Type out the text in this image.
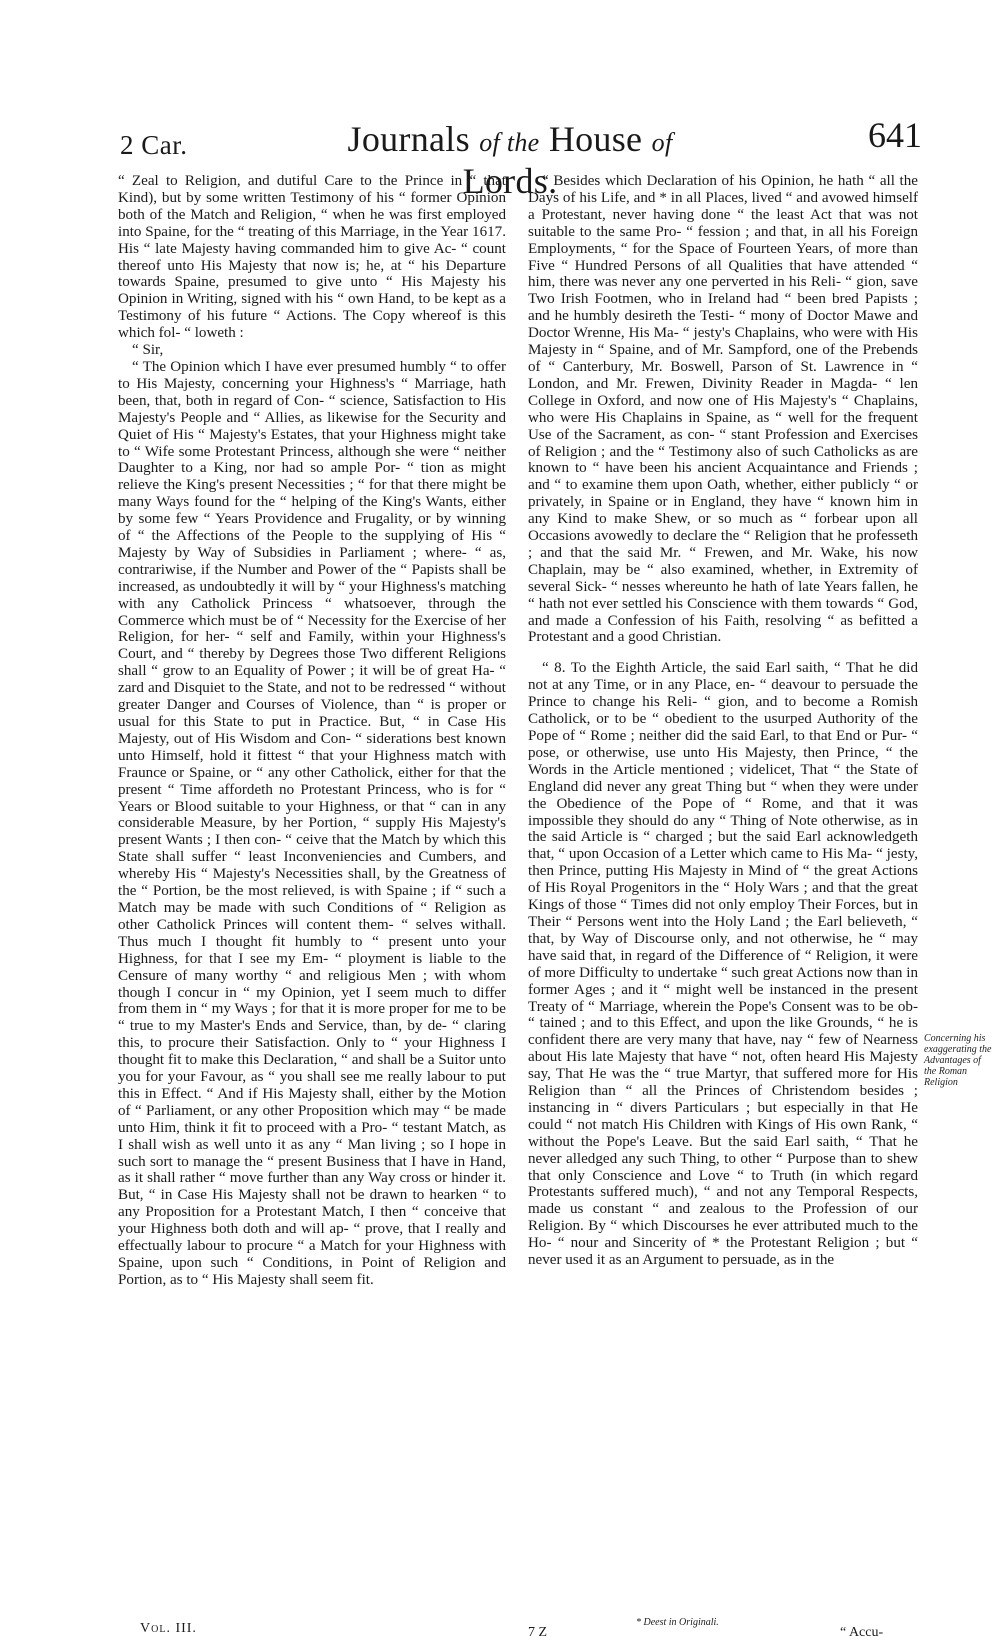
2 Car.	Journals of the House of Lords.
641

“ Zeal to Religion, and dutiful Care to the Prince in “ that Kind), but by some written Testimony of his “ former Opinion both of the Match and Religion, “ when he was first employed into Spaine, for the “ treating of this Marriage, in the Year 1617. His “ late Majesty having commanded him to give Ac- “ count thereof unto His Majesty that now is; he, at “ his Departure towards Spaine, presumed to give unto “ His Majesty his Opinion in Writing, signed with his “ own Hand, to be kept as a Testimony of his future “ Actions. The Copy whereof is this which fol- “ loweth :

“ Sir,

“ The Opinion which I have ever presumed humbly “ to offer to His Majesty, concerning your Highness's “ Marriage, hath been, that, both in regard of Con- “ science, Satisfaction to His Majesty's People and “ Allies, as likewise for the Security and Quiet of His “ Majesty's Estates, that your Highness might take to “ Wife some Protestant Princess, although she were “ neither Daughter to a King, nor had so ample Por- “ tion as might relieve the King's present Necessities ; “ for that there might be many Ways found for the “ helping of the King's Wants, either by some few “ Years Providence and Frugality, or by winning of “ the Affections of the People to the supplying of His “ Majesty by Way of Subsidies in Parliament ; where- “ as, contrariwise, if the Number and Power of the “ Papists shall be increased, as undoubtedly it will by “ your Highness's matching with any Catholick Princess “ whatsoever, through the Commerce which must be of “ Necessity for the Exercise of her Religion, for her- “ self and Family, within your Highness's Court, and “ thereby by Degrees those Two different Religions shall “ grow to an Equality of Power ; it will be of great Ha- “ zard and Disquiet to the State, and not to be redressed “ without greater Danger and Courses of Violence, than “ is proper or usual for this State to put in Practice. But, “ in Case His Majesty, out of His Wisdom and Con- “ siderations best known unto Himself, hold it fittest “ that your Highness match with Fraunce or Spaine, or “ any other Catholick, either for that the present “ Time affordeth no Protestant Princess, who is for “ Years or Blood suitable to your Highness, or that “ can in any considerable Measure, by her Portion, “ supply His Majesty's present Wants ; I then con- “ ceive that the Match by which this State shall suffer “ least Inconveniencies and Cumbers, and whereby His “ Majesty's Necessities shall, by the Greatness of the “ Portion, be the most relieved, is with Spaine ; if “ such a Match may be made with such Conditions of “ Religion as other Catholick Princes will content them- “ selves withall. Thus much I thought fit humbly to “ present unto your Highness, for that I see my Em- “ ployment is liable to the Censure of many worthy “ and religious Men ; with whom though I concur in “ my Opinion, yet I seem much to differ from them in “ my Ways ; for that it is more proper for me to be “ true to my Master's Ends and Service, than, by de- “ claring this, to procure their Satisfaction. Only to “ your Highness I thought fit to make this Declaration, “ and shall be a Suitor unto you for your Favour, as “ you shall see me really labour to put this in Effect. “ And if His Majesty shall, either by the Motion of “ Parliament, or any other Proposition which may “ be made unto Him, think it fit to proceed with a Pro- “ testant Match, as I shall wish as well unto it as any “ Man living ; so I hope in such sort to manage the “ present Business that I have in Hand, as it shall rather “ move further than any Way cross or hinder it. But, “ in Case His Majesty shall not be drawn to hearken “ to any Proposition for a Protestant Match, I then “ conceive that your Highness both doth and will ap- “ prove, that I really and effectually labour to procure “ a Match for your Highness with Spaine, upon such “ Conditions, in Point of Religion and Portion, as to “ His Majesty shall seem fit.

“ Besides which Declaration of his Opinion, he hath “ all the Days of his Life, and * in all Places, lived “ and avowed himself a Protestant, never having done “ the least Act that was not suitable to the same Pro- “ fession ; and that, in all his Foreign Employments, “ for the Space of Fourteen Years, of more than Five “ Hundred Persons of all Qualities that have attended “ him, there was never any one perverted in his Reli- “ gion, save Two Irish Footmen, who in Ireland had “ been bred Papists ; and he humbly desireth the Testi- “ mony of Doctor Mawe and Doctor Wrenne, His Ma- “ jesty's Chaplains, who were with His Majesty in “ Spaine, and of Mr. Sampford, one of the Prebends of “ Canterbury, Mr. Boswell, Parson of St. Lawrence in “ London, and Mr. Frewen, Divinity Reader in Magda- “ len College in Oxford, and now one of His Majesty's “ Chaplains, who were His Chaplains in Spaine, as “ well for the frequent Use of the Sacrament, as con- “ stant Profession and Exercises of Religion ; and the “ Testimony also of such Catholicks as are known to “ have been his ancient Acquaintance and Friends ; and “ to examine them upon Oath, whether, either publicly “ or privately, in Spaine or in England, they have “ known him in any Kind to make Shew, or so much as “ forbear upon all Occasions avowedly to declare the “ Religion that he professeth ; and that the said Mr. “ Frewen, and Mr. Wake, his now Chaplain, may be “ also examined, whether, in Extremity of several Sick- “ nesses whereunto he hath of late Years fallen, he “ hath not ever settled his Conscience with them towards “ God, and made a Confession of his Faith, resolving “ as befitted a Protestant and a good Christian.

“ 8. To the Eighth Article, the said Earl saith, “ That he did not at any Time, or in any Place, en- “ deavour to persuade the Prince to change his Reli- “ gion, and to become a Romish Catholick, or to be “ obedient to the usurped Authority of the Pope of “ Rome ; neither did the said Earl, to that End or Pur- “ pose, or otherwise, use unto His Majesty, then Prince, “ the Words in the Article mentioned ; videlicet, That “ the State of England did never any great Thing but “ when they were under the Obedience of the Pope of “ Rome, and that it was impossible they should do any “ Thing of Note otherwise, as in the said Article is “ charged ; but the said Earl acknowledgeth that, “ upon Occasion of a Letter which came to His Ma- “ jesty, then Prince, putting His Majesty in Mind of “ the great Actions of His Royal Progenitors in the “ Holy Wars ; and that the great Kings of those “ Times did not only employ Their Forces, but in Their “ Persons went into the Holy Land ; the Earl believeth, “ that, by Way of Discourse only, and not otherwise, he “ may have said that, in regard of the Difference of “ Religion, it were of more Difficulty to undertake “ such great Actions now than in former Ages ; and it “ might well be instanced in the present Treaty of “ Marriage, wherein the Pope's Consent was to be ob- “ tained ; and to this Effect, and upon the like Grounds, “ he is confident there are very many that have, nay “ few of Nearness about His late Majesty that have “ not, often heard His Majesty say, That He was the “ true Martyr, that suffered more for His Religion than “ all the Princes of Christendom besides ; instancing in “ divers Particulars ; but especially in that He could “ not match His Children with Kings of His own Rank, “ without the Pope's Leave. But the said Earl saith, “ That he never alledged any such Thing, to other “ Purpose than to shew that only Conscience and Love “ to Truth (in which regard Protestants suffered much), “ and not any Temporal Respects, made us constant “ and zealous to the Profession of our Religion. By “ which Discourses he ever attributed much to the Ho- “ nour and Sincerity of * the Protestant Religion ; but “ never used it as an Argument to persuade, as in the

Concerning his exaggerating the Advantages of the Roman Religion
Vol. III.	7 Z
* Deest in Originali.
“ Accu-
